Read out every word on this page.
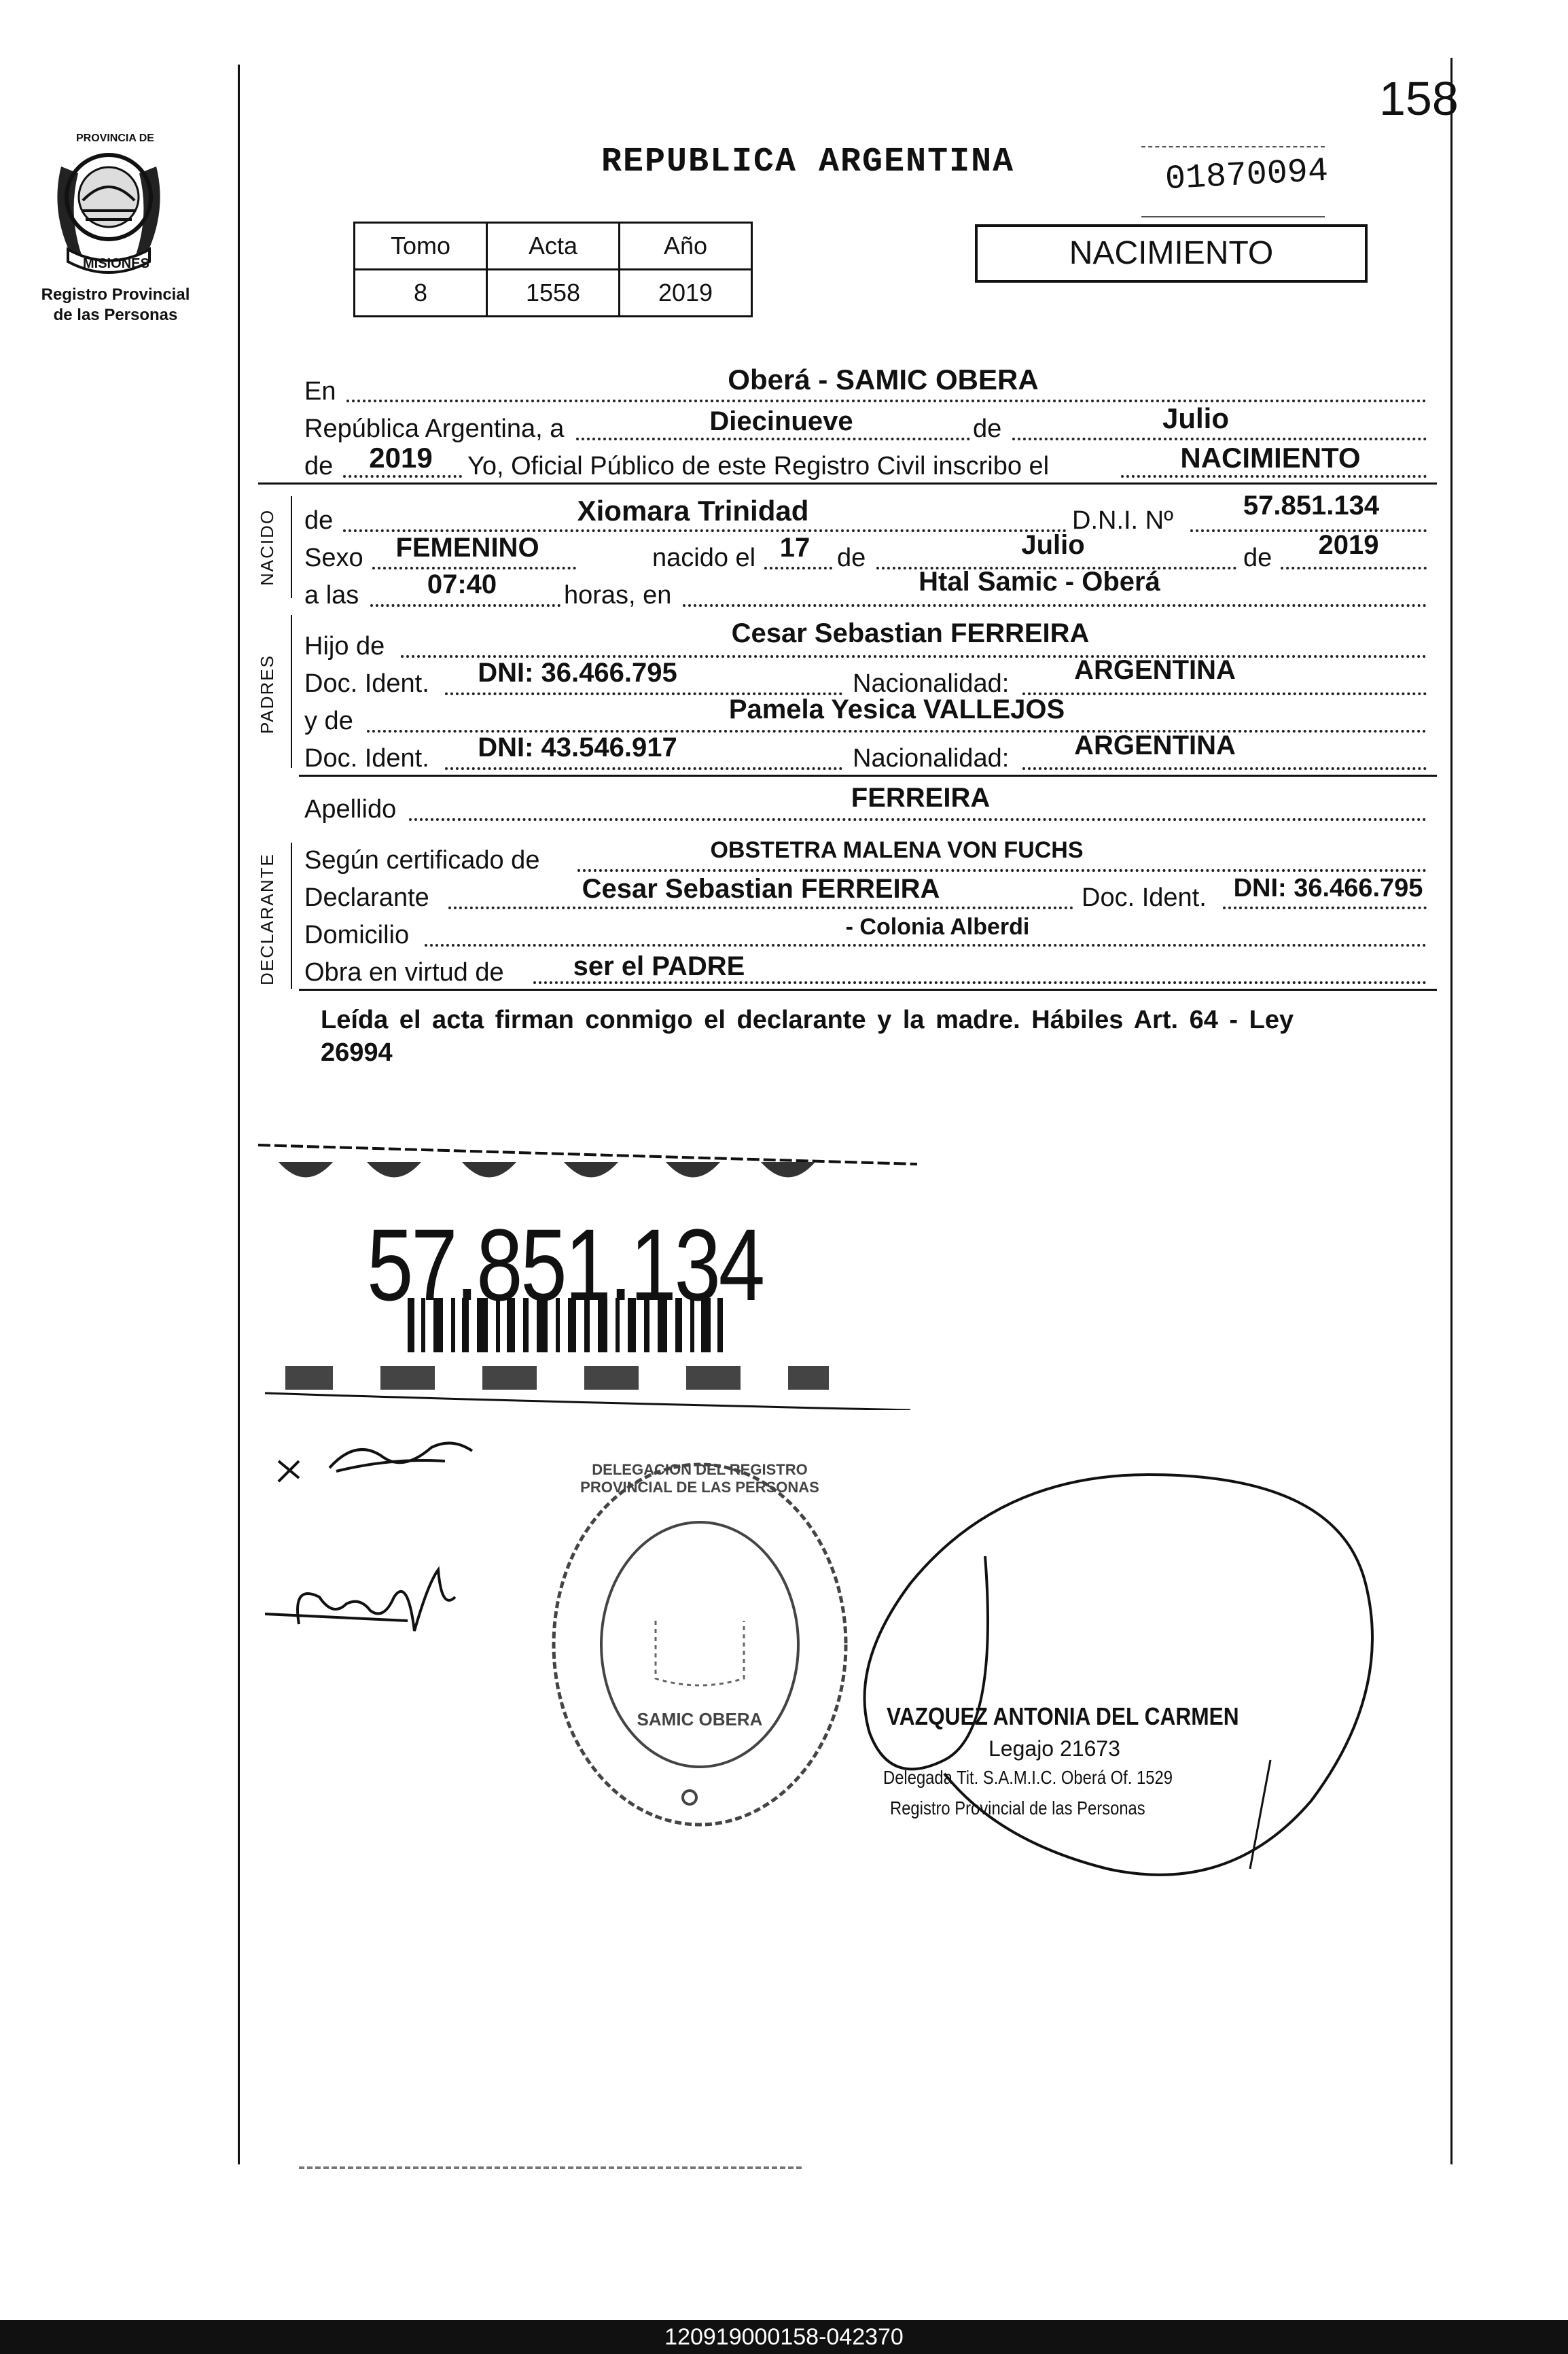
158
PROVINCIA DE
MISIONES
Registro Provincial
de las Personas
REPUBLICA ARGENTINA	01870094
Tomo	Acta	Año
8	1558	2019
NACIMIENTO
En	Oberá - SAMIC OBERA
República Argentina, a	Diecinueve	de	Julio
de	2019	Yo, Oficial Público de este Registro Civil inscribo el	NACIMIENTO
NACIDO de	Xiomara Trinidad	D.N.I. Nº	57.851.134
Sexo	FEMENINO	nacido el 17	de	Julio	de	2019
a las	07:40	horas, en	Htal Samic - Oberá
PADRES
Hijo de	Cesar Sebastian FERREIRA
Doc. Ident.	DNI: 36.466.795	Nacionalidad:	ARGENTINA
y de	Pamela Yesica VALLEJOS
Doc. Ident.	DNI: 43.546.917	Nacionalidad:	ARGENTINA
Apellido	FERREIRA
DECLARANTE Según certificado de	OBSTETRA MALENA VON FUCHS
Declarante	Cesar Sebastian FERREIRA	Doc. Ident.	DNI: 36.466.795
Domicilio	- Colonia Alberdi
Obra en virtud de	ser el PADRE
Leída el acta firman conmigo el declarante y la madre. Hábiles Art. 64 - Ley
26994
57.851.134
DELEGACION DEL REGISTRO PROVINCIAL DE LAS PERSONAS
SAMIC OBERA	VAZQUEZ ANTONIA DEL CARMEN
Legajo 21673
Delegada Tit. S.A.M.I.C. Oberá Of. 1529
Registro Provincial de las Personas
120919000158-042370
